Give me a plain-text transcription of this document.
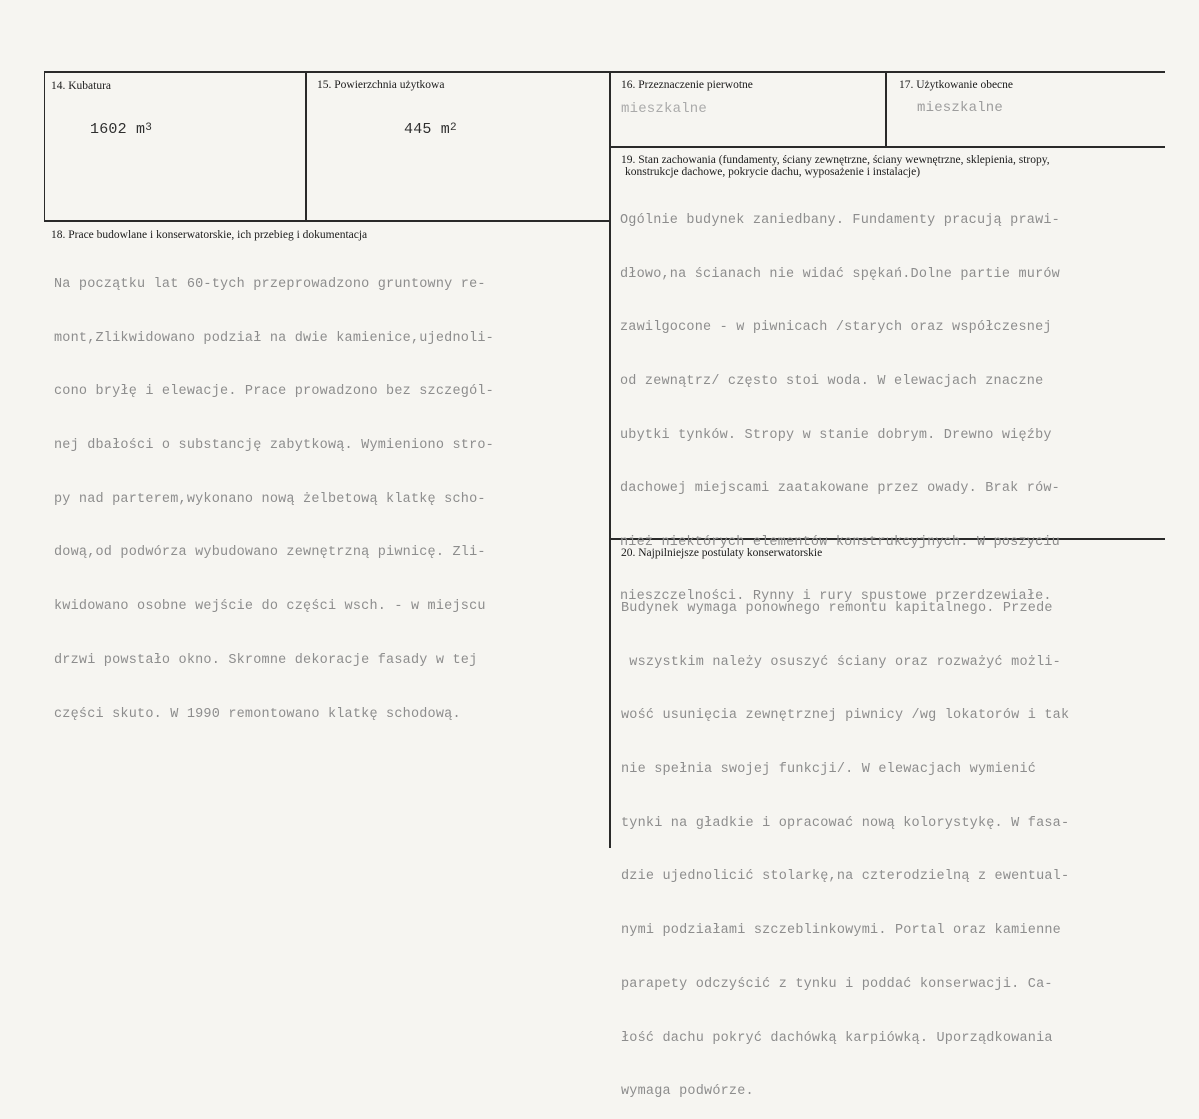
14. Kubatura
1602 $m^3$
15. Powierzchnia użytkowa
445 $m^2$
16. Przeznaczenie pierwotne
mieszkalne
17. Użytkowanie obecne
mieszkalne
18. Prace budowlane i konserwatorskie, ich przebieg i dokumentacja

Na początku lat 60-tych przeprowadzono gruntowny re-

mont,Zlikwidowano podział na dwie kamienice,ujednoli-

cono bryłę i elewacje. Prace prowadzono bez szczegól-

nej dbałości o substancję zabytkową. Wymieniono stro-

py nad parterem,wykonano nową żelbetową klatkę scho-

dową,od podwórza wybudowano zewnętrzną piwnicę. Zli-

kwidowano osobne wejście do części wsch. - w miejscu

drzwi powstało okno. Skromne dekoracje fasady w tej

części skuto. W 1990 remontowano klatkę schodową.

19. Stan zachowania (fundamenty, ściany zewnętrzne, ściany wewnętrzne, sklepienia, stropy,
konstrukcje dachowe, pokrycie dachu, wyposażenie i instalacje)

Ogólnie budynek zaniedbany. Fundamenty pracują prawi-

dłowo,na ścianach nie widać spękań.Dolne partie murów

zawilgocone - w piwnicach /starych oraz współczesnej

od zewnątrz/ często stoi woda. W elewacjach znaczne

ubytki tynków. Stropy w stanie dobrym. Drewno więźby

dachowej miejscami zaatakowane przez owady. Brak rów-

nież niektórych elementów konstrukcyjnych. W poszyciu

nieszczelności. Rynny i rury spustowe przerdzewiałe.

20. Najpilniejsze postulaty konserwatorskie

Budynek wymaga ponownego remontu kapitalnego. Przede

wszystkim należy osuszyć ściany oraz rozważyć możli-

wość usunięcia zewnętrznej piwnicy /wg lokatorów i tak

nie spełnia swojej funkcji/. W elewacjach wymienić

tynki na gładkie i opracować nową kolorystykę. W fasa-

dzie ujednolicić stolarkę,na czterodzielną z ewentual-

nymi podziałami szczeblinkowymi. Portal oraz kamienne

parapety odczyścić z tynku i poddać konserwacji. Ca-

łość dachu pokryć dachówką karpiówką. Uporządkowania

wymaga podwórze.
